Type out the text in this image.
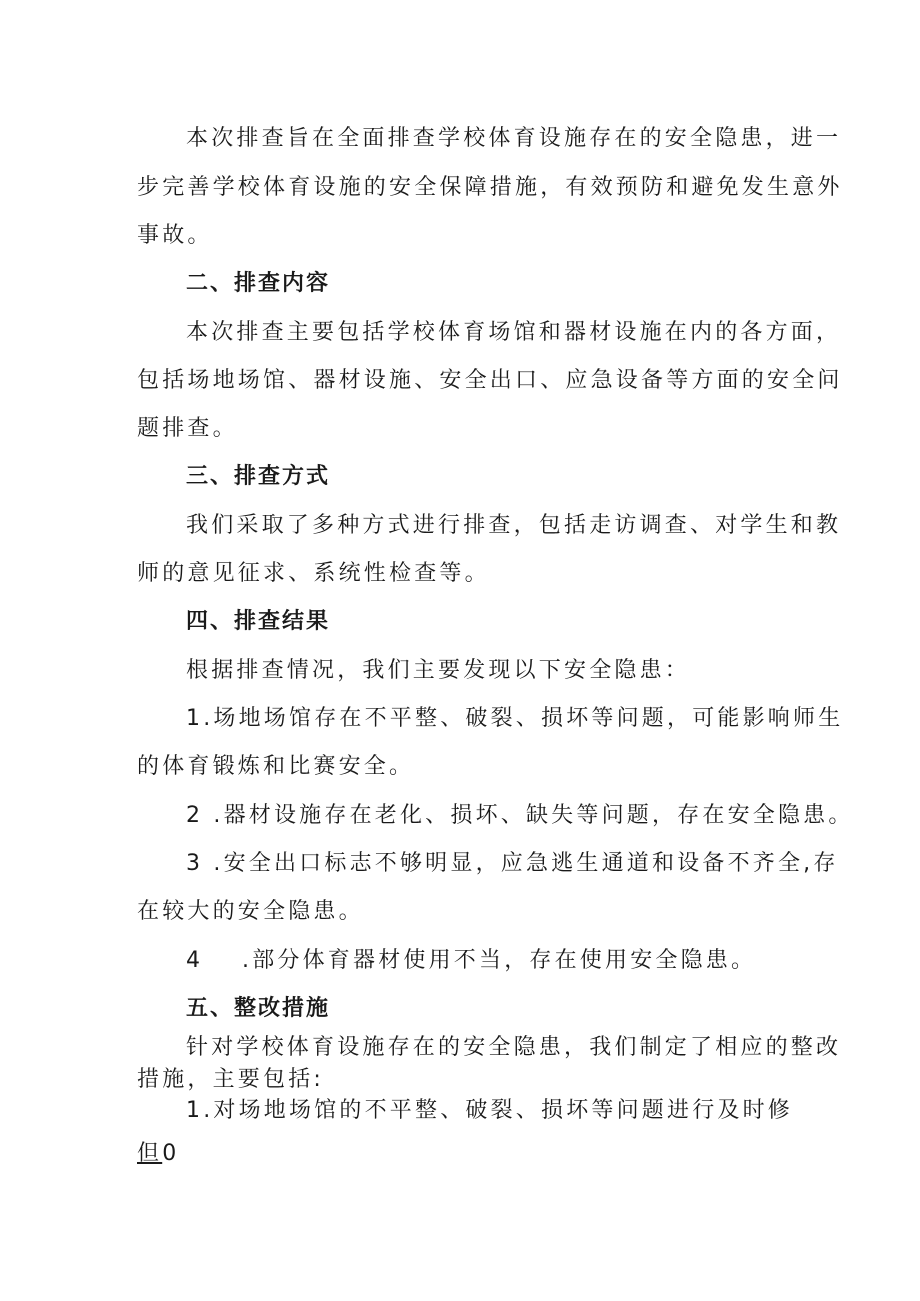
本次排查旨在全面排查学校体育设施存在的安全隐患，进一
步完善学校体育设施的安全保障措施，有效预防和避免发生意外
事故。
二、排查内容
本次排查主要包括学校体育场馆和器材设施在内的各方面，
包括场地场馆、器材设施、安全出口、应急设备等方面的安全问
题排查。
三、排查方式
我们采取了多种方式进行排查，包括走访调查、对学生和教
师的意见征求、系统性检查等。
四、排查结果
根据排查情况，我们主要发现以下安全隐患：
1.场地场馆存在不平整、破裂、损坏等问题，可能影响师生
的体育锻炼和比赛安全。
2 .器材设施存在老化、损坏、缺失等问题，存在安全隐患。
3 .安全出口标志不够明显，应急逃生通道和设备不齐全,存
在较大的安全隐患。
4 .部分体育器材使用不当，存在使用安全隐患。
五、整改措施
针对学校体育设施存在的安全隐患，我们制定了相应的整改
措施，主要包括:
1.对场地场馆的不平整、破裂、损坏等问题进行及时修
但0
